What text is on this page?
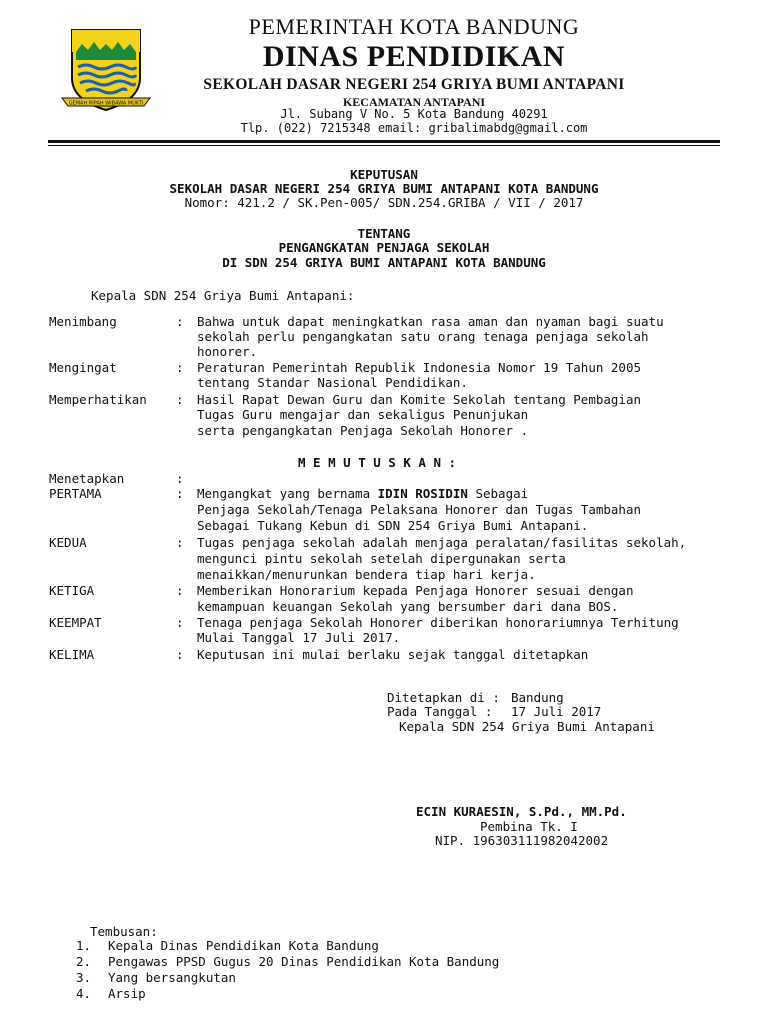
GEMAH RIPAH WIBAWA MUKTI
PEMERINTAH KOTA BANDUNG
DINAS PENDIDIKAN
SEKOLAH DASAR NEGERI 254 GRIYA BUMI ANTAPANI
KECAMATAN ANTAPANI
Jl. Subang V No. 5 Kota Bandung 40291
Tlp. (022) 7215348 email: gribalimabdg@gmail.com
KEPUTUSAN
SEKOLAH DASAR NEGERI 254 GRIYA BUMI ANTAPANI KOTA BANDUNG
Nomor: 421.2 / SK.Pen-005/ SDN.254.GRIBA / VII / 2017
TENTANG
PENGANGKATAN PENJAGA SEKOLAH
DI SDN 254 GRIYA BUMI ANTAPANI KOTA BANDUNG
Kepala SDN 254 Griya Bumi Antapani:
Menimbang	: Bahwa untuk dapat meningkatkan rasa aman dan nyaman bagi suatu
sekolah perlu pengangkatan satu orang tenaga penjaga sekolah
honorer.
Mengingat	: Peraturan Pemerintah Republik Indonesia Nomor 19 Tahun 2005
tentang Standar Nasional Pendidikan.
Memperhatikan : Hasil Rapat Dewan Guru dan Komite Sekolah tentang Pembagian
Tugas Guru mengajar dan sekaligus Penunjukan
serta pengangkatan Penjaga Sekolah Honorer .
M E M U T U S K A N :
Menetapkan	:
PERTAMA	: Mengangkat yang bernama IDIN ROSIDIN Sebagai
Penjaga Sekolah/Tenaga Pelaksana Honorer dan Tugas Tambahan
Sebagai Tukang Kebun di SDN 254 Griya Bumi Antapani.
KEDUA	: Tugas penjaga sekolah adalah menjaga peralatan/fasilitas sekolah,
mengunci pintu sekolah setelah dipergunakan serta
menaikkan/menurunkan bendera tiap hari kerja.
KETIGA	: Memberikan Honorarium kepada Penjaga Honorer sesuai dengan
kemampuan keuangan Sekolah yang bersumber dari dana BOS.
KEEMPAT	: Tenaga penjaga Sekolah Honorer diberikan honorariumnya Terhitung
Mulai Tanggal 17 Juli 2017.
KELIMA	: Keputusan ini mulai berlaku sejak tanggal ditetapkan
Ditetapkan di : Bandung
Pada Tanggal : 17 Juli 2017
Kepala SDN 254 Griya Bumi Antapani
ECIN KURAESIN, S.Pd., MM.Pd.
Pembina Tk. I
NIP. 196303111982042002
Tembusan:
1. Kepala Dinas Pendidikan Kota Bandung
2. Pengawas PPSD Gugus 20 Dinas Pendidikan Kota Bandung
3. Yang bersangkutan
4. Arsip
